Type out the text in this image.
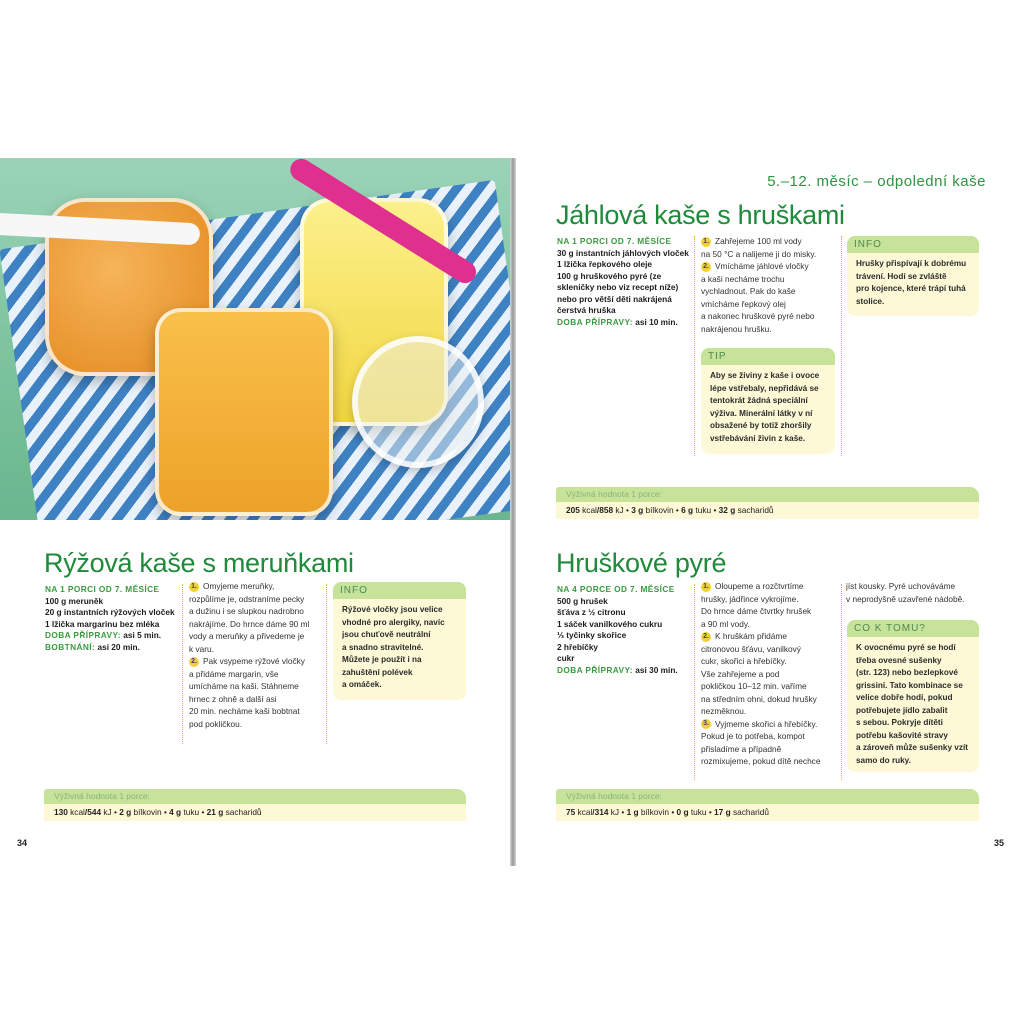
Rýžová kaše s meruňkami
NA 1 PORCI OD 7. MĚSÍCE
100 g meruněk
20 g instantních rýžových vloček
1 lžička margarinu bez mléka
DOBA PŘÍPRAVY: asi 5 min.
BOBTNÁNÍ: asi 20 min.
1. Omyjeme meruňky,
rozpůlíme je, odstraníme pecky
a dužinu i se slupkou nadrobno
nakrájíme. Do hrnce dáme 90 ml
vody a meruňky a přivedeme je
k varu.
2. Pak vsypeme rýžové vločky
a přidáme margarin, vše
umícháme na kaši. Stáhneme
hrnec z ohně a další asi
20 min. necháme kaši bobtnat
pod pokličkou.
INFO
Rýžové vločky jsou velice
vhodné pro alergiky, navíc
jsou chuťově neutrální
a snadno stravitelné.
Můžete je použít i na
zahuštění polévek
a omáček.
Výživná hodnota 1 porce:
130 kcal/544 kJ • 2 g bílkovin • 4 g tuku • 21 g sacharidů
34
5.–12. měsíc – odpolední kaše
Jáhlová kaše s hruškami
NA 1 PORCI OD 7. MĚSÍCE
30 g instantních jáhlových vloček
1 lžička řepkového oleje
100 g hruškového pyré (ze
skleničky nebo viz recept níže)
nebo pro větší děti nakrájená
čerstvá hruška
DOBA PŘÍPRAVY: asi 10 min.
1. Zahřejeme 100 ml vody
na 50 °C a nalijeme ji do misky.
2. Vmícháme jáhlové vločky
a kaši necháme trochu
vychladnout. Pak do kaše
vmícháme řepkový olej
a nakonec hruškové pyré nebo
nakrájenou hrušku.
TIP
Aby se živiny z kaše i ovoce
lépe vstřebaly, nepřidává se
tentokrát žádná speciální
výživa. Minerální látky v ní
obsažené by totiž zhoršily
vstřebávání živin z kaše.
INFO
Hrušky přispívají k dobrému
trávení. Hodí se zvláště
pro kojence, které trápí tuhá
stolice.
Výživná hodnota 1 porce:
205 kcal/858 kJ • 3 g bílkovin • 6 g tuku • 32 g sacharidů
Hruškové pyré
NA 4 PORCE OD 7. MĚSÍCE
500 g hrušek
šťáva z ½ citronu
1 sáček vanilkového cukru
⅓ tyčinky skořice
2 hřebíčky
cukr
DOBA PŘÍPRAVY: asi 30 min.
1. Oloupeme a rozčtvrtíme
hrušky, jádřince vykrojíme.
Do hrnce dáme čtvrtky hrušek
a 90 ml vody.
2. K hruškám přidáme
citronovou šťávu, vanilkový
cukr, skořici a hřebíčky.
Vše zahřejeme a pod
pokličkou 10–12 min. vaříme
na středním ohni, dokud hrušky
nezměknou.
3. Vyjmeme skořici a hřebíčky.
Pokud je to potřeba, kompot
přisladíme a případně
rozmixujeme, pokud dítě nechce
jíst kousky. Pyré uchováváme
v neprodyšně uzavřené nádobě.
CO K TOMU?
K ovocnému pyré se hodí
třeba ovesné sušenky
(str. 123) nebo bezlepkové
grissini. Tato kombinace se
velice dobře hodí, pokud
potřebujete jídlo zabalit
s sebou. Pokryje dítěti
potřebu kašovité stravy
a zároveň může sušenky vzít
samo do ruky.
Výživná hodnota 1 porce:
75 kcal/314 kJ • 1 g bílkovin • 0 g tuku • 17 g sacharidů
35
